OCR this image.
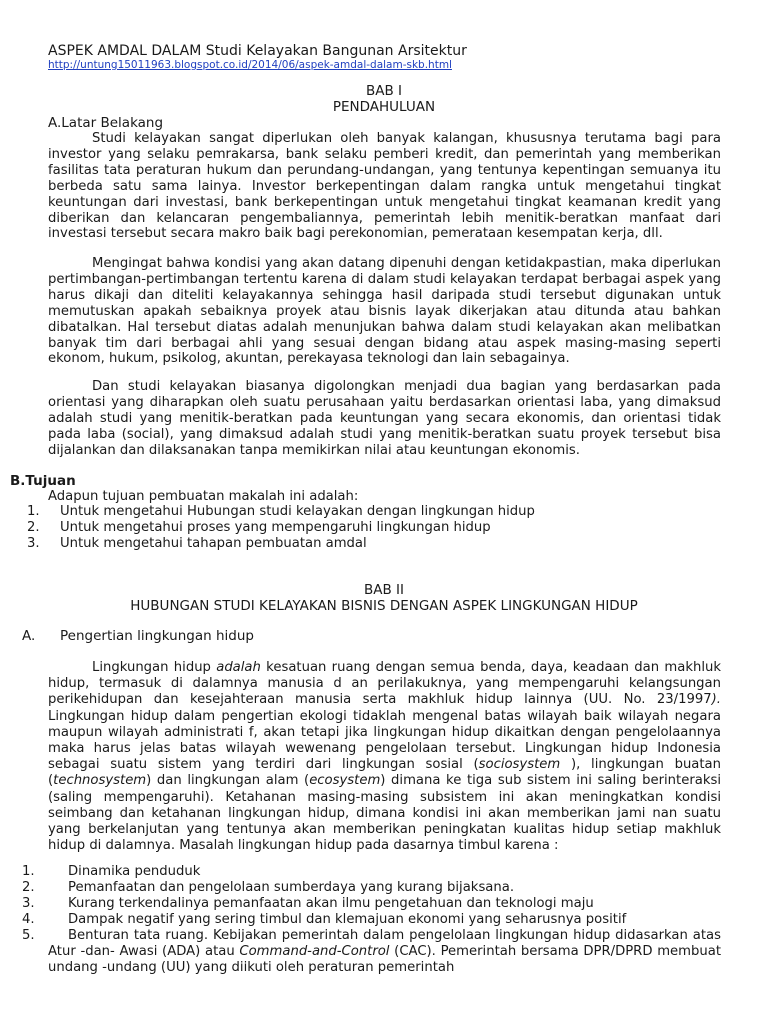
ASPEK AMDAL DALAM Studi Kelayakan Bangunan Arsitektur
http://untung15011963.blogspot.co.id/2014/06/aspek-amdal-dalam-skb.html
BAB I
PENDAHULUAN
A.Latar Belakang

Studi kelayakan sangat diperlukan oleh banyak kalangan, khususnya terutama bagi para investor yang selaku pemrakarsa, bank selaku pemberi kredit, dan pemerintah yang memberikan fasilitas tata peraturan hukum dan perundang-undangan, yang tentunya kepentingan semuanya itu berbeda satu sama lainya. Investor berkepentingan dalam rangka untuk mengetahui tingkat keuntungan dari investasi, bank berkepentingan untuk mengetahui tingkat keamanan kredit yang diberikan dan kelancaran pengembaliannya, pemerintah lebih menitik-beratkan manfaat dari investasi tersebut secara makro baik bagi perekonomian, pemerataan kesempatan kerja, dll.

Mengingat bahwa kondisi yang akan datang dipenuhi dengan ketidakpastian, maka diperlukan pertimbangan-pertimbangan tertentu karena di dalam studi kelayakan terdapat berbagai aspek yang harus dikaji dan diteliti kelayakannya sehingga hasil daripada studi tersebut digunakan untuk memutuskan apakah sebaiknya proyek atau bisnis layak dikerjakan atau ditunda atau bahkan dibatalkan. Hal tersebut diatas adalah menunjukan bahwa dalam studi kelayakan akan melibatkan banyak tim dari berbagai ahli yang sesuai dengan bidang atau aspek masing-masing seperti ekonom, hukum, psikolog, akuntan, perekayasa teknologi dan lain sebagainya.

Dan studi kelayakan biasanya digolongkan menjadi dua bagian yang berdasarkan pada orientasi yang diharapkan oleh suatu perusahaan yaitu berdasarkan orientasi laba, yang dimaksud adalah studi yang menitik-beratkan pada keuntungan yang secara ekonomis, dan orientasi tidak pada laba (social), yang dimaksud adalah studi yang menitik-beratkan suatu proyek tersebut bisa dijalankan dan dilaksanakan tanpa memikirkan nilai atau keuntungan ekonomis.

B.Tujuan
Adapun tujuan pembuatan makalah ini adalah:
1. Untuk mengetahui Hubungan studi kelayakan dengan lingkungan hidup
2. Untuk mengetahui proses yang mempengaruhi lingkungan hidup
3. Untuk mengetahui tahapan pembuatan amdal
BAB II
HUBUNGAN STUDI KELAYAKAN BISNIS DENGAN ASPEK LINGKUNGAN HIDUP
A. Pengertian lingkungan hidup

Lingkungan hidup adalah kesatuan ruang dengan semua benda, daya, keadaan dan makhluk hidup, termasuk di dalamnya manusia d an perilakuknya, yang mempengaruhi kelangsungan perikehidupan dan kesejahteraan manusia serta makhluk hidup lainnya (UU. No. 23/1997). Lingkungan hidup dalam pengertian ekologi tidaklah mengenal batas wilayah baik wilayah negara maupun wilayah administrati f, akan tetapi jika lingkungan hidup dikaitkan dengan pengelolaannya maka harus jelas batas wilayah wewenang pengelolaan tersebut. Lingkungan hidup Indonesia sebagai suatu sistem yang terdiri dari lingkungan sosial (sociosystem ), lingkungan buatan (technosystem) dan lingkungan alam (ecosystem) dimana ke tiga sub sistem ini saling berinteraksi (saling mempengaruhi). Ketahanan masing-masing subsistem ini akan meningkatkan kondisi seimbang dan ketahanan lingkungan hidup, dimana kondisi ini akan memberikan jami nan suatu yang berkelanjutan yang tentunya akan memberikan peningkatan kualitas hidup setiap makhluk hidup di dalamnya. Masalah lingkungan hidup pada dasarnya timbul karena :

1.	Dinamika penduduk
2.	Pemanfaatan dan pengelolaan sumberdaya yang kurang bijaksana.
3.	Kurang terkendalinya pemanfaatan akan ilmu pengetahuan dan teknologi maju
4.	Dampak negatif yang sering timbul dan klemajuan ekonomi yang seharusnya positif
5.	Benturan tata ruang. Kebijakan pemerintah dalam pengelolaan lingkungan hidup didasarkan atas Atur -dan- Awasi (ADA) atau Command-and-Control (CAC). Pemerintah bersama DPR/DPRD membuat undang -undang (UU) yang diikuti oleh peraturan pemerintah
